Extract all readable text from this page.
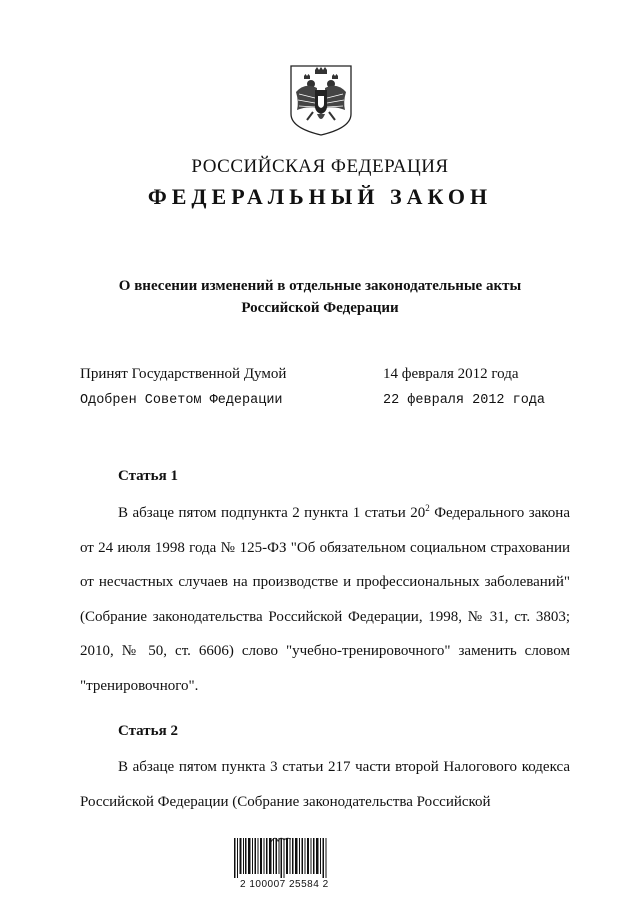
РОССИЙСКАЯ ФЕДЕРАЦИЯ
ФЕДЕРАЛЬНЫЙ ЗАКОН
О внесении изменений в отдельные законодательные акты
Российской Федерации
Принят Государственной Думой	14 февраля 2012 года
Одобрен Советом Федерации	22 февраля 2012 года
Статья 1
В абзаце пятом подпункта 2 пункта 1 статьи $20^2$ Федерального закона от 24 июля 1998 года № 125-ФЗ "Об обязательном социальном страховании от несчастных случаев на производстве и профессиональных заболеваний" (Собрание законодательства Российской Федерации, 1998, № 31, ст. 3803; 2010, № 50, ст. 6606) слово "учебно-тренировочного" заменить словом "тренировочного".
Статья 2
В абзаце пятом пункта 3 статьи 217 части второй Налогового кодекса Российской Федерации (Собрание законодательства Российской
2 100007 25584 2
